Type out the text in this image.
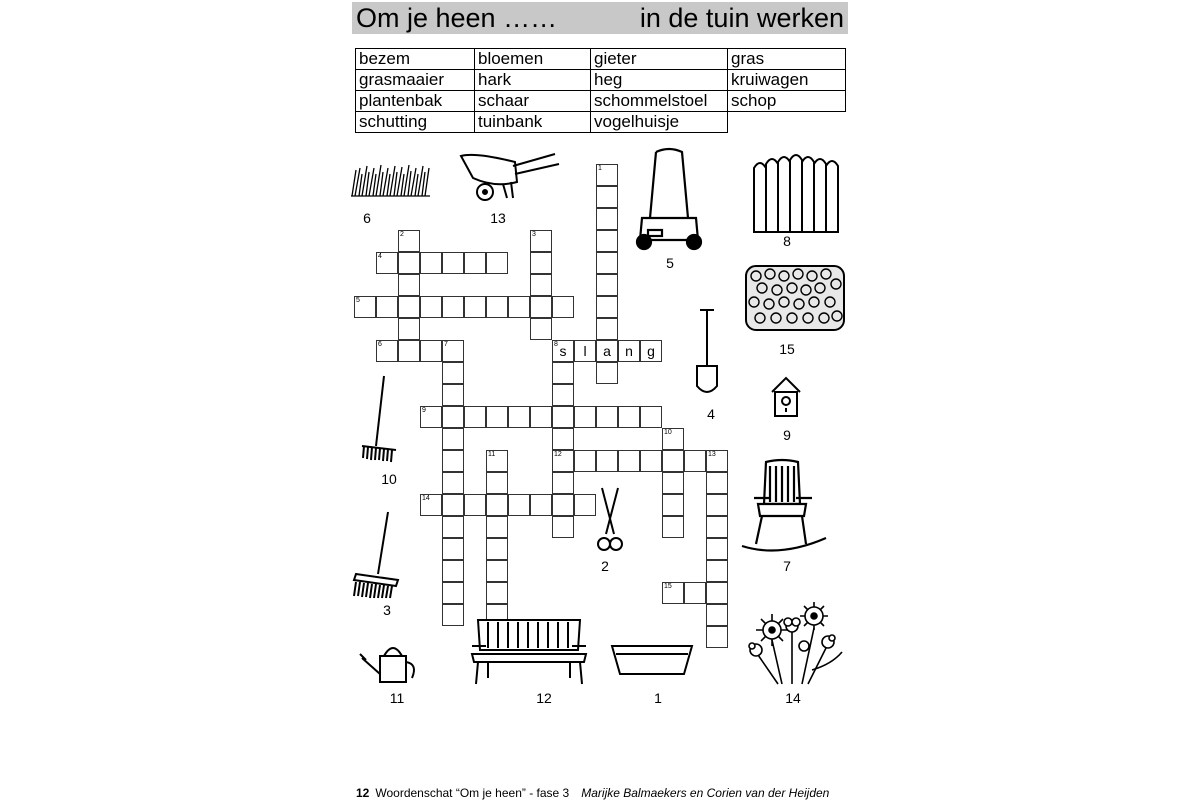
Om je heen ……	in de tuin werken
bezem	bloemen	gieter	gras
grasmaaier	hark	heg	kruiwagen
plantenbak	schaar	schommelstoel	schop
schutting	tuinbank	vogelhuisje	
1
a
2	3
4
5
6	7	8 s
12
9
10
11	13
14
15
l	n	g
6	13
5
8
15
4
9
10
7
2
3
11	12	1	14
12 Woordenschat “Om je heen” - fase 3 Marijke Balmaekers en Corien van der Heijden
